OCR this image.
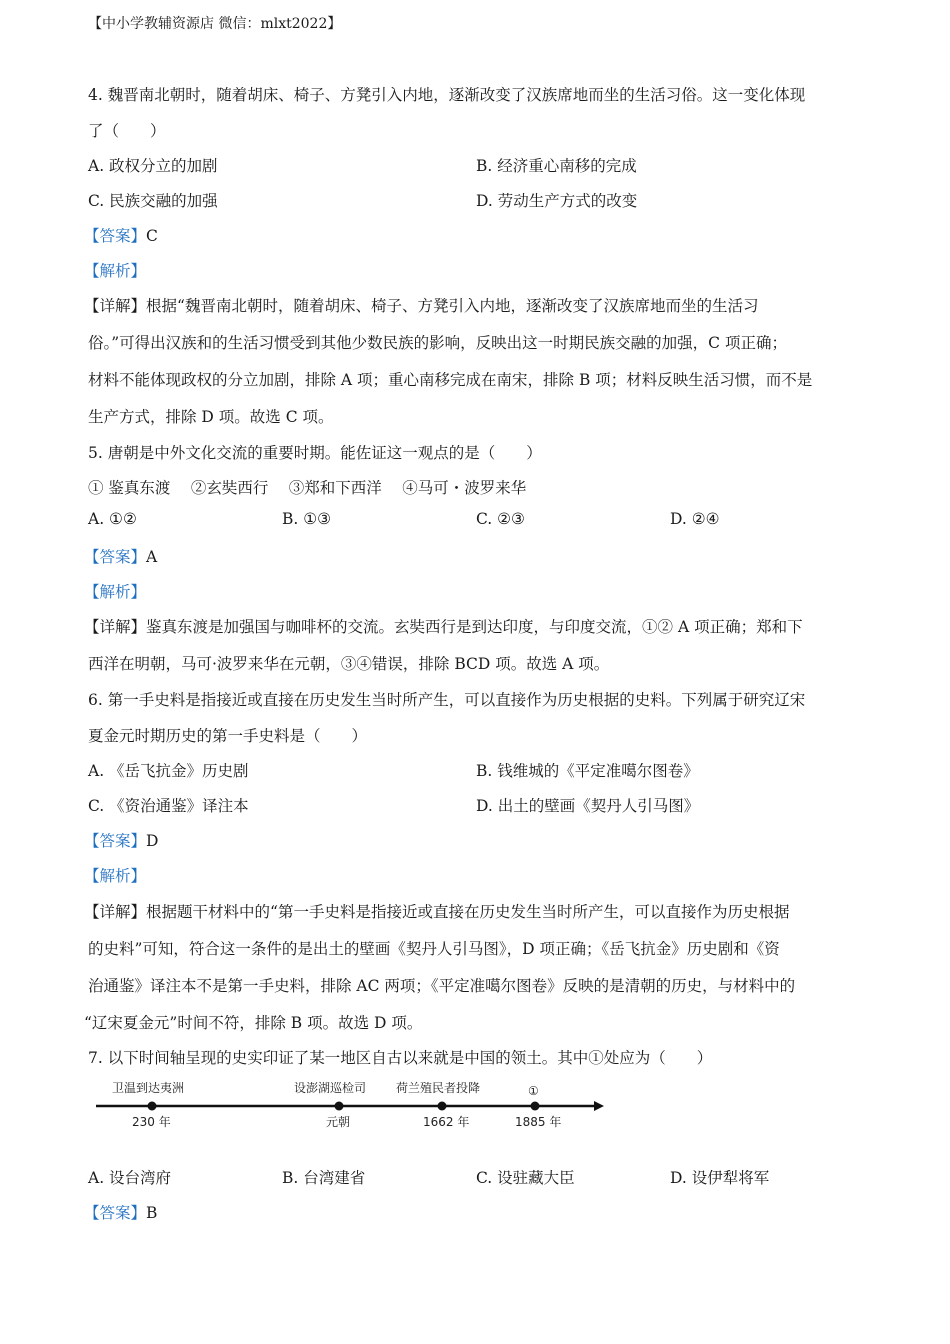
【中小学教辅资源店 微信：mlxt2022】
4. 魏晋南北朝时，随着胡床、椅子、方凳引入内地，逐渐改变了汉族席地而坐的生活习俗。这一变化体现
了（　　）
A. 政权分立的加剧	B. 经济重心南移的完成
C. 民族交融的加强	D. 劳动生产方式的改变
【答案】C
【解析】
【详解】根据“魏晋南北朝时，随着胡床、椅子、方凳引入内地，逐渐改变了汉族席地而坐的生活习
俗。”可得出汉族和的生活习惯受到其他少数民族的影响，反映出这一时期民族交融的加强，C 项正确；
材料不能体现政权的分立加剧，排除 A 项；重心南移完成在南宋，排除 B 项；材料反映生活习惯，而不是
生产方式，排除 D 项。故选 C 项。
5. 唐朝是中外文化交流的重要时期。能佐证这一观点的是（　　）
① 鉴真东渡　 ②玄奘西行　 ③郑和下西洋　 ④马可・波罗来华
A. ①②	B. ①③	C. ②③	D. ②④
【答案】A
【解析】
【详解】鉴真东渡是加强国与咖啡杯的交流。玄奘西行是到达印度，与印度交流，①② A 项正确；郑和下
西洋在明朝，马可·波罗来华在元朝，③④错误，排除 BCD 项。故选 A 项。
6. 第一手史料是指接近或直接在历史发生当时所产生，可以直接作为历史根据的史料。下列属于研究辽宋
夏金元时期历史的第一手史料是（　　）
A. 《岳飞抗金》历史剧	B. 钱维城的《平定准噶尔图卷》
C. 《资治通鉴》译注本	D. 出土的壁画《契丹人引马图》
【答案】D
【解析】
【详解】根据题干材料中的“第一手史料是指接近或直接在历史发生当时所产生，可以直接作为历史根据
的史料”可知，符合这一条件的是出土的壁画《契丹人引马图》，D 项正确；《岳飞抗金》历史剧和《资
治通鉴》译注本不是第一手史料，排除 AC 两项；《平定准噶尔图卷》反映的是清朝的历史，与材料中的
“辽宋夏金元”时间不符，排除 B 项。故选 D 项。
7. 以下时间轴呈现的史实印证了某一地区自古以来就是中国的领土。其中①处应为（　　）
卫温到达夷洲
230 年
设澎湖巡检司
元朝
荷兰殖民者投降
1662 年
①
1885 年
A. 设台湾府	B. 台湾建省	C. 设驻藏大臣	D. 设伊犁将军
【答案】B
